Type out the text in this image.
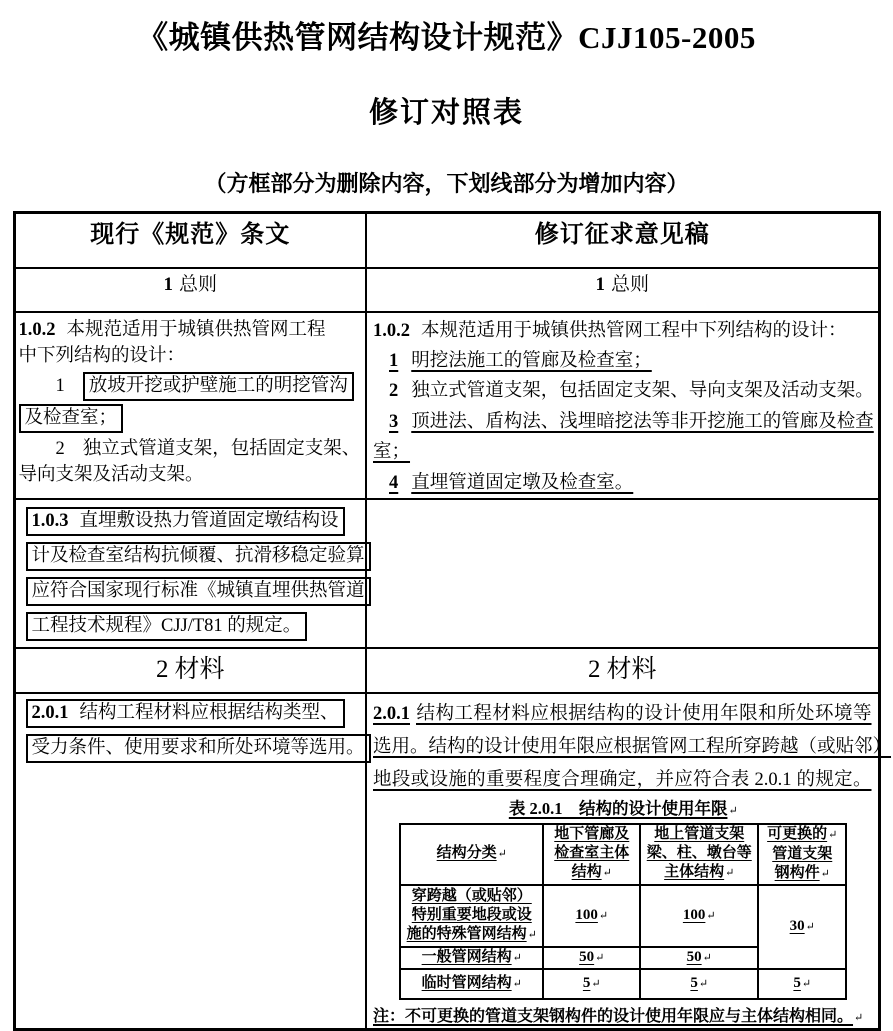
《城镇供热管网结构设计规范》CJJ105-2005
修订对照表
（方框部分为删除内容，下划线部分为增加内容）
现行《规范》条文	修订征求意见稿
1 总则	1 总则

1.0.2 本规范适用于城镇供热管网工程
中下列结构的设计：
1 放坡开挖或护壁施工的明挖管沟
及检查室；
2 独立式管道支架，包括固定支架、
导向支架及活动支架。

1.0.2 本规范适用于城镇供热管网工程中下列结构的设计：
1 明挖法施工的管廊及检查室；
2 独立式管道支架，包括固定支架、导向支架及活动支架。
3 顶进法、盾构法、浅埋暗挖法等非开挖施工的管廊及检查
室；
4 直埋管道固定墩及检查室。

1.0.3 直埋敷设热力管道固定墩结构设
计及检查室结构抗倾覆、抗滑移稳定验算
应符合国家现行标准《城镇直埋供热管道
工程技术规程》CJJ/T81 的规定。

2 材料	2 材料

2.0.1 结构工程材料应根据结构类型、
受力条件、使用要求和所处环境等选用。

2.0.1 结构工程材料应根据结构的设计使用年限和所处环境等
选用。结构的设计使用年限应根据管网工程所穿跨越（或贴邻）
地段或设施的重要程度合理确定，并应符合表 2.0.1 的规定。
表 2.0.1　结构的设计使用年限↵
结构分类↵	
地下管廊及
检查室主体
结构↵

地上管道支架
梁、柱、墩台等
主体结构↵

可更换的↵
管道支架
钢构件↵

穿跨越（或贴邻）
特别重要地段或设
施的特殊管网结构↵
	100↵	100↵	30↵
一般管网结构↵	50↵	50↵
临时管网结构↵	5↵	5↵	5↵
注：不可更换的管道支架钢构件的设计使用年限应与主体结构相同。↵
